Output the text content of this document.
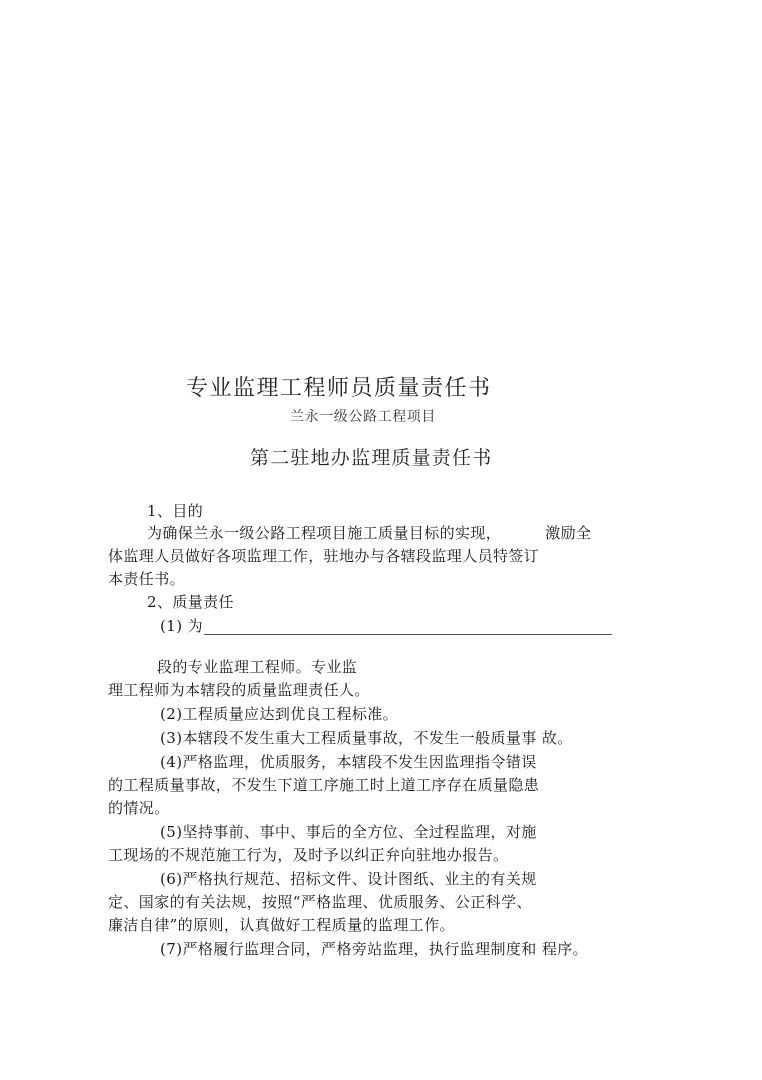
专业监理工程师员质量责任书
兰永一级公路工程项目
第二驻地办监理质量责任书
1、目的
为确保兰永一级公路工程项目施工质量目标的实现，	激励全
体监理人员做好各项监理工作，驻地办与各辖段监理人员特签订
本责任书。
2、质量责任
(1) 为
段的专业监理工程师。专业监
理工程师为本辖段的质量监理责任人。
(2)工程质量应达到优良工程标准。
(3)本辖段不发生重大工程质量事故，不发生一般质量事 故。
(4)严格监理，优质服务，本辖段不发生因监理指令错误
的工程质量事故，不发生下道工序施工时上道工序存在质量隐患
的情况。
(5)坚持事前、事中、事后的全方位、全过程监理，对施
工现场的不规范施工行为，及时予以纠正弁向驻地办报告。
(6)严格执行规范、招标文件、设计图纸、业主的有关规
定、国家的有关法规，按照“严格监理、优质服务、公正科学、
廉洁自律”的原则，认真做好工程质量的监理工作。
(7)严格履行监理合同，严格旁站监理，执行监理制度和 程序。
